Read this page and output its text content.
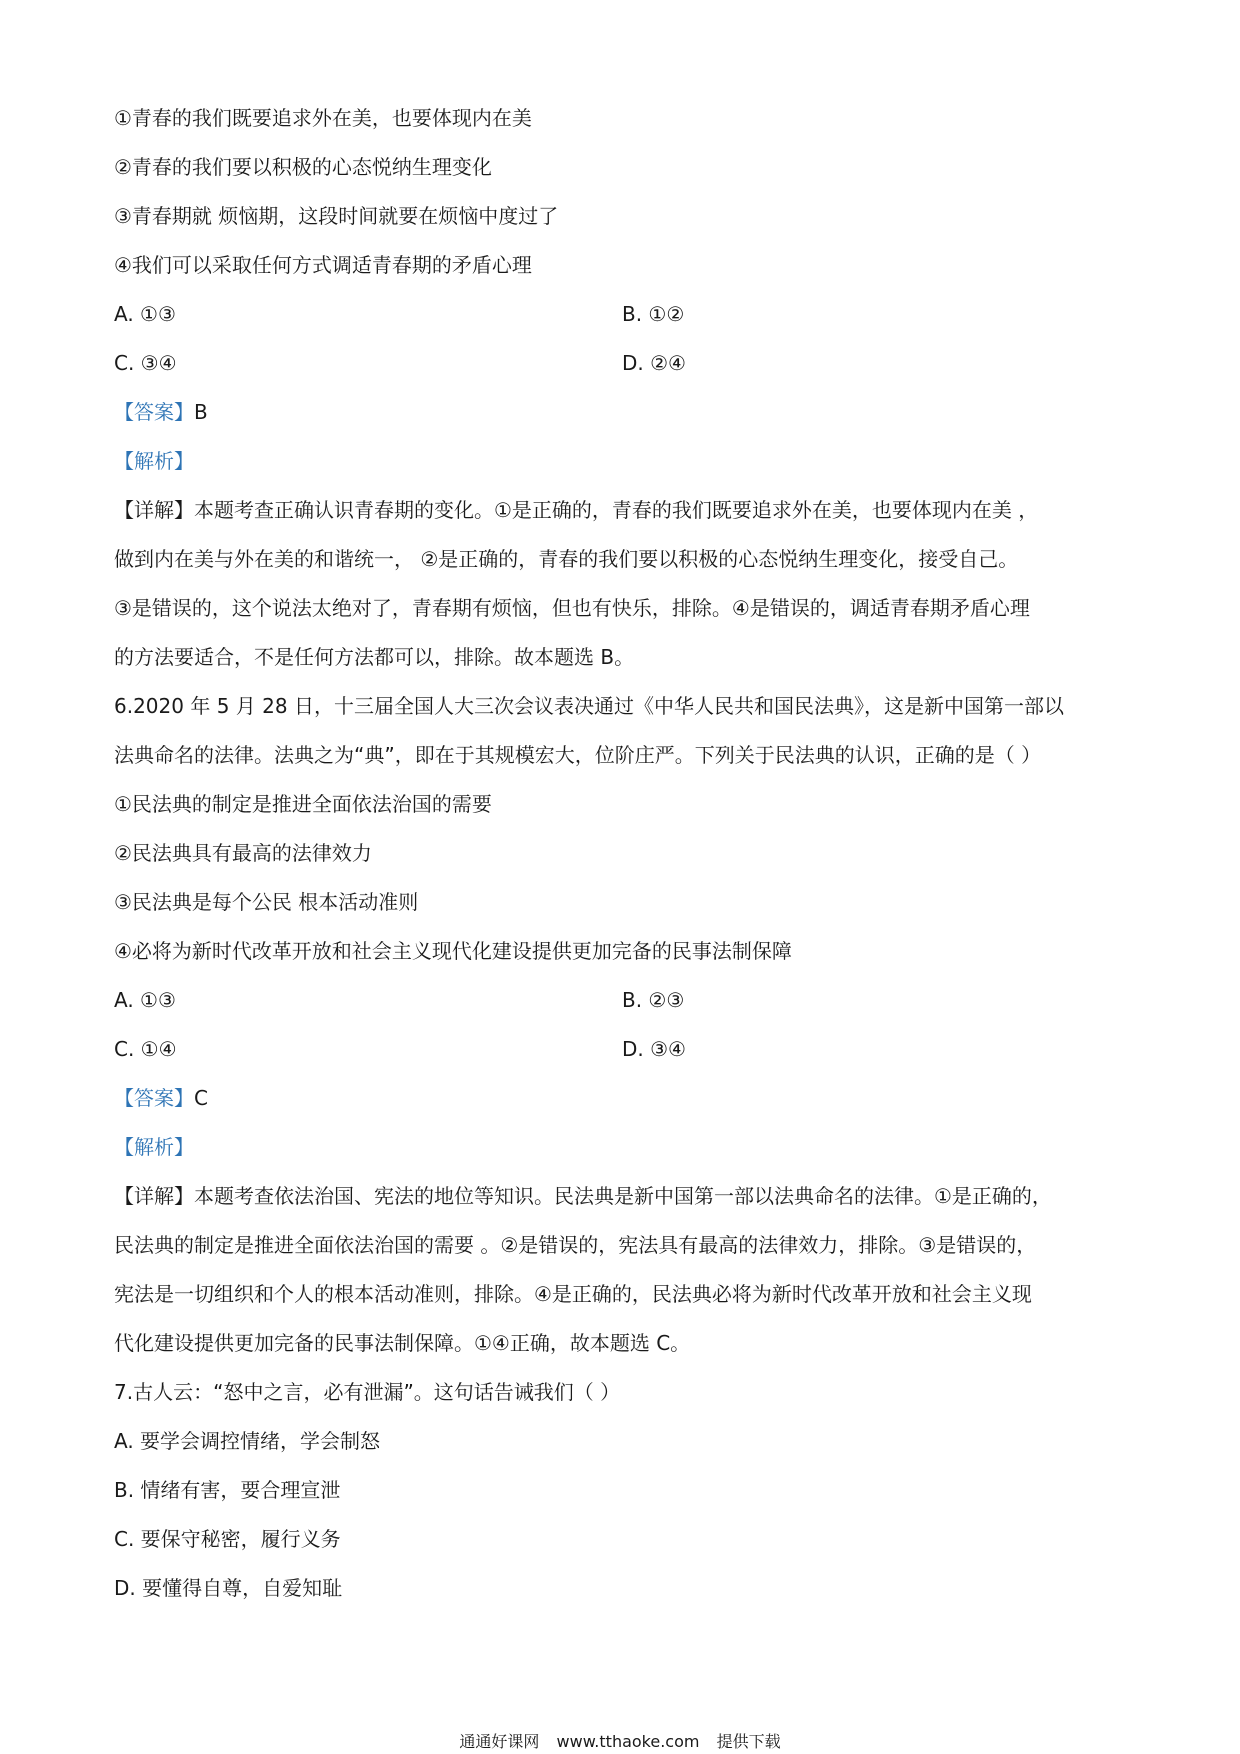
①青春的我们既要追求外在美，也要体现内在美
②青春的我们要以积极的心态悦纳生理变化
③青春期就 烦恼期，这段时间就要在烦恼中度过了
④我们可以采取任何方式调适青春期的矛盾心理
A. ①③	B. ①②
C. ③④	D. ②④
【答案】B
【解析】
【详解】本题考查正确认识青春期的变化。①是正确的，青春的我们既要追求外在美，也要体现内在美 ，
做到内在美与外在美的和谐统一， ②是正确的，青春的我们要以积极的心态悦纳生理变化，接受自己。
③是错误的，这个说法太绝对了，青春期有烦恼，但也有快乐，排除。④是错误的，调适青春期矛盾心理
的方法要适合，不是任何方法都可以，排除。故本题选 B。
6.2020 年 5 月 28 日，十三届全国人大三次会议表决通过《中华人民共和国民法典》，这是新中国第一部以
法典命名的法律。法典之为“典”，即在于其规模宏大，位阶庄严。下列关于民法典的认识，正确的是（ ）
①民法典的制定是推进全面依法治国的需要
②民法典具有最高的法律效力
③民法典是每个公民 根本活动准则
④必将为新时代改革开放和社会主义现代化建设提供更加完备的民事法制保障
A. ①③	B. ②③
C. ①④	D. ③④
【答案】C
【解析】
【详解】本题考查依法治国、宪法的地位等知识。民法典是新中国第一部以法典命名的法律。①是正确的，
民法典的制定是推进全面依法治国的需要 。②是错误的，宪法具有最高的法律效力，排除。③是错误的，
宪法是一切组织和个人的根本活动准则，排除。④是正确的，民法典必将为新时代改革开放和社会主义现
代化建设提供更加完备的民事法制保障。①④正确，故本题选 C。
7.古人云：“怒中之言，必有泄漏”。这句话告诫我们（ ）
A. 要学会调控情绪，学会制怒
B. 情绪有害，要合理宣泄
C. 要保守秘密，履行义务
D. 要懂得自尊，自爱知耻
通通好课网 www.tthaoke.com 提供下载
